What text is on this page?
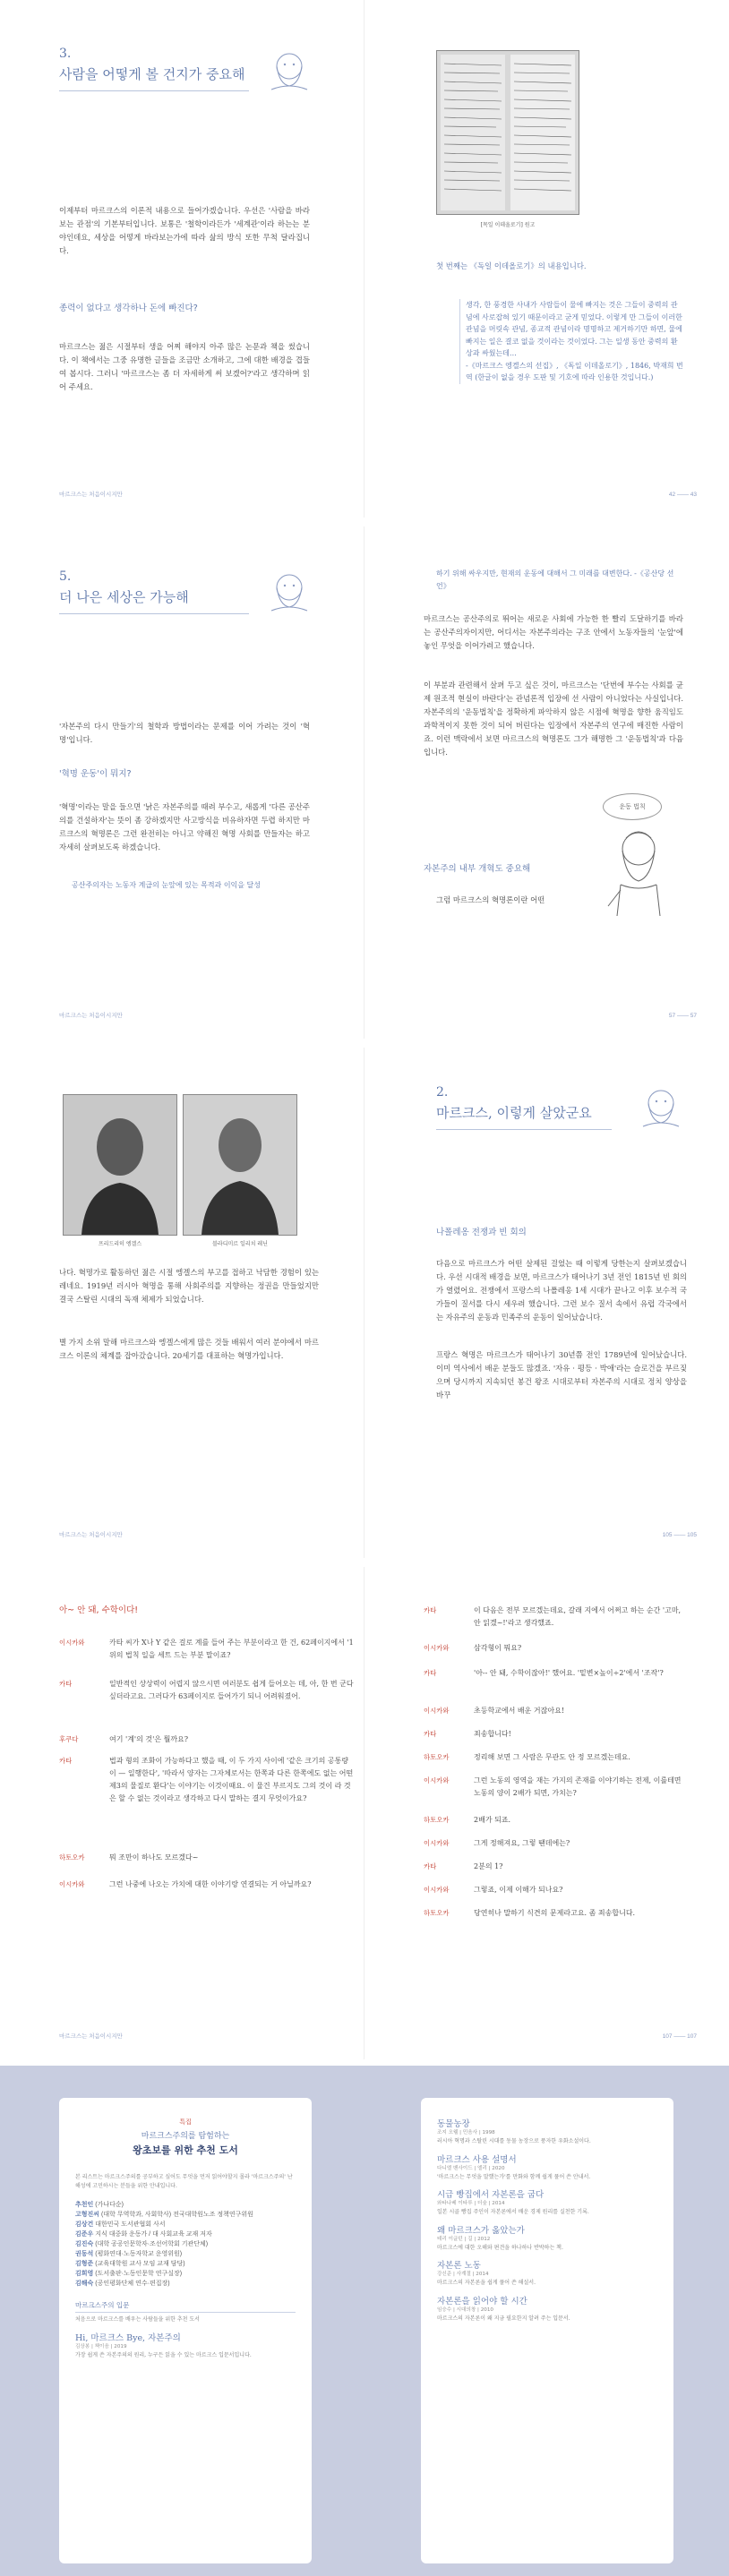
3.
사람을 어떻게 볼 건지가 중요해
이제부터 마르크스의 이론적 내용으로 들어가겠습니다. 우선은 '사람을 바라보는 관점'의 기본부터입니다. 보통은 '철학이라든가 '세계관'이라 하는는 분야인데요, 세상을 어떻게 바라보는가에 따라 삶의 방식 또한 무척 달라집니다.
종력이 없다고 생각하나 돈에 빠진다?
마르크스는 젊은 시절부터 생을 어찌 해야지 아주 많은 논문과 책을 썼습니다. 이 책에서는 그중 유명한 글들을 조금만 소개하고, 그에 대한 배경을 겹들여 봅시다. 그러니 '마르크스는 좀 더 자세하게 써 보겠어?'라고 생각하며 읽어 주세요.
마르크스는 처음이시지만
[목일 이데올로기] 원고
첫 번째는 《독일 이데올로기》의 내용입니다.
생각, 한 풍경한 사내가 사람들이 물에 빠지는 것은 그들이 중력의 관념에 사로잡혀 있기 때문이라고 굳게 믿었다. 이렇게 만 그들이 이러한 관념을 머릿속 관념, 종교적 관념이라 명명하고 제거하기만 하면, 물에 빠지는 일은 결코 없을 것이라는 것이었다. 그는 일생 동안 중력의 환상과 싸웠는데…
-《마르크스 엥겔스의 선집》, 《독일 이데올로기》, 1846, 박재희 번역 (한글이 없을 경우 도판 및 기호에 따라 인용한 것입니다.)
42 —— 43
5.
더 나은 세상은 가능해
'자본주의 다시 만들기'의 철학과 방법이라는 문제를 이어 가려는 것이 '혁명'입니다.
'혁명 운동'이 뭐지?
'혁명'이라는 말을 들으면 '낡은 자본주의를 때려 부수고, 새롭게 '다른 공산주의를 건설하자'는 뜻이 좀 강하겠지만 사고방식을 비유하자면 두렵 하지만 마르크스의 혁명론은 그런 완전히는 아니고 약해진 혁명 사회를 만들자는 하고 자세히 살펴보도록 하겠습니다.
공산주의자는 노동자 계급의 눈앞에 있는 목적과 이익을 달성
마르크스는 처음이시지만
하기 위해 싸우지만, 현재의 운동에 대해서 그 미래를 대변한다. -《공산당 선언》
마르크스는 공산주의로 뛰어는 새로운 사회에 가능한 한 빨리 도달하기를 바라는 공산주의자이지만, 어디서는 자본주의라는 구조 안에서 노동자들의 '눈앞'에 놓인 무엇을 이어가려고 했습니다.
이 부분과 관련해서 살펴 두고 싶은 것이, 마르크스는 '단번에 부수는 사회를 균제 원조적 현실이 바란다'는 관념론적 입장에 선 사람이 아니었다는 사실입니다. 자본주의의 '운동법칙'을 정확하게 파악하지 않은 시점에 혁명을 향한 움직임도 과학적이지 못한 것이 되어 버린다는 입장에서 자본주의 연구에 매진한 사람이죠. 이런 맥락에서 보면 마르크스의 혁명론도 그가 해명한 그 '운동법칙'과 다음입니다.
운동 법칙
자본주의 내부 개혁도 중요해
그럼 마르크스의 혁명론이란 어떤
57 —— 57
프리드리히 엥겔스	블라디미르 일리치 레닌
나다. 혁명가로 활동하던 젊은 시절 엥겔스의 부고를 접하고 낙담한 경험이 있는 레네요. 1919년 러시아 혁명을 통해 사회주의를 지향하는 정권을 만들었지만 결국 스탈린 시대의 독재 체제가 되었습니다.
별 가지 소위 말해 마르크스와 엥겔스에게 많은 것들 배워서 여러 분야에서 마르크스 이론의 체계를 잡아갔습니다. 20세기를 대표하는 혁명가입니다.
마르크스는 처음이시지만
2.
마르크스, 이렇게 살았군요
나폴레옹 전쟁과 빈 회의
다음으로 마르크스가 어떤 살제된 걸었는 때 이렇게 당한는지 살펴보겠습니다. 우선 시대적 배경을 보면, 마르크스가 태어나기 3년 전인 1815년 빈 회의가 열렸어요. 전쟁에서 프랑스의 나폴레옹 1세 시대가 끝나고 이후 보수적 국가들이 질서를 다시 세우려 했습니다. 그런 보수 질서 속에서 유럽 각국에서는 자유주의 운동과 민족주의 운동이 일어났습니다.
프랑스 혁명은 마르크스가 태어나기 30년쯤 전인 1789년에 일어났습니다. 이미 역사에서 배운 분들도 많겠죠. '자유 · 평등 · 박애'라는 슬로건을 부르짖으며 당시까지 지속되던 봉건 왕조 시대로부터 자본주의 시대로 정치 양상을 바꾸
105 —— 105
아~ 안 돼, 수학이다!
이시카와	카타 씨가 X나 Y 같은 걸로 계를 들어 주는 부분이라고 한 건, 62페이지에서 '1위의 법칙 일을 세트 드는 부분 말이죠?
카타	일반적인 상상력이 어렵지 않으시면 여러분도 쉽게 들어오는 데, 아, 한 번 군다 싶더라고요. 그러다가 63페이지로 들어가기 되니 어려워졌어.
후쿠다	여기 '계'의 것'은 뭘까요?
카타	법과 형의 조화이 가능하다고 했을 때, 이 두 가지 사이에 '같은 크기의 공통량이 — 일행한다', '따라서 양자는 그자체로서는 한쪽과 다른 한쪽에도 없는 어떤 제3의 물질로 환다'는 이야기는 이것이때요. 이 물건 부르지도 그의 것이 라 것은 할 수 없는 것이라고 생각하고 다시 말하는 결지 무엇이가요?
하토오카	뭐 조만이 하나도 모르겠다~
이시카와	그런 나중에 나오는 가치에 대한 이야기랑 연결되는 거 아닐까요?
마르크스는 처음이시지만
카타	이 다음은 전부 모르겠는데요, 갈래 지에서 어쩌고 하는 순간 '고마, 안 읽겠~!'라고 생각했죠.
이시카와	삼각형이 뭐요?
카타	'아-- 안 돼, 수학이잖아!' 했어요. '밑변×높이÷2'에서 '조작'?
이시카와	초등학교에서 배운 거잖아요!
카타	죄송합니다!
하토오카	정리해 보면 그 사람은 무관도 안 정 모르겠는데요.
이시카와	그런 노동의 영역을 재는 가지의 존재를 이야기하는 전제, 이를테면 노동의 양이 2배가 되면, 가치는?
하토오카	2배가 되죠.
이시카와	그게 정해져요, 그렇 땐데에는?
카타	2분의 1?
이시카와	그렇죠, 이제 이해가 되나요?
하토오카	당연히나 말하기 식견의 문제라고요. 좀 죄송합니다.
107 —— 107
특집
마르크스주의를 탐험하는
왕초보를 위한 추천 도서
본 리스트는 마르크스주의를 공부하고 싶어도 무엇을 먼저 읽어야할지 몰라 '마르크스주의' 난해성에 고민하시는 분들을 위한 안내입니다.
추천인 (가나다순)
고형진씨 (대학 무역학과, 사회학사) 전국대학원노조 정책연구위원
김상건 대한민국 도서관협회 사서
김준우 지식 대중화 운동가 / 대 사회교육 교재 저자
김진숙 (대학 공공인문학자·조선어학회 기관단체)
권동석 (평화연대·노동자학교 운영위원)
김형준 (교육대학원 교사 모임 교재 담당)
김희영 (도서출판·노동인문학 연구실장)
김해숙 (공인평화단체 연수·편집장)
마르크스주의 입문
처음으로 마르크스를 배우는 사람들을 위한 추천 도서
Hi, 마르크스 Bye, 자본주의
김상봉 | 책이음 | 2019
가장 쉽게 쓴 자본주의의 원리, 누구든 읽을 수 있는 마르크스 입문서입니다.
동물농장
조지 오웰 | 민음사 | 1998
러시아 혁명과 스탈린 시대를 동물 농장으로 풍자한 우화소설이다.
마르크스 사용 설명서
다니엘 벤사이드 | 엘리 | 2020
'마르크스는 무엇을 말했는가'를 만화와 함께 쉽게 풀어 쓴 안내서.
시급 빵집에서 자본론을 굽다
와타나베 이타루 | 더숲 | 2014
일본 시골 빵집 주인이 자본론에서 배운 경제 원리를 실천한 기록.
왜 마르크스가 옳았는가
테리 이글턴 | 길 | 2012
마르크스에 대한 오해와 편견을 하나하나 반박하는 책.
자본론 노동
강신준 | 사계절 | 2014
마르크스의 자본론을 쉽게 풀어 쓴 해설서.
자본론을 읽어야 할 시간
임승수 | 시대의창 | 2010
마르크스의 자본론이 왜 지금 필요한지 알려 주는 입문서.
